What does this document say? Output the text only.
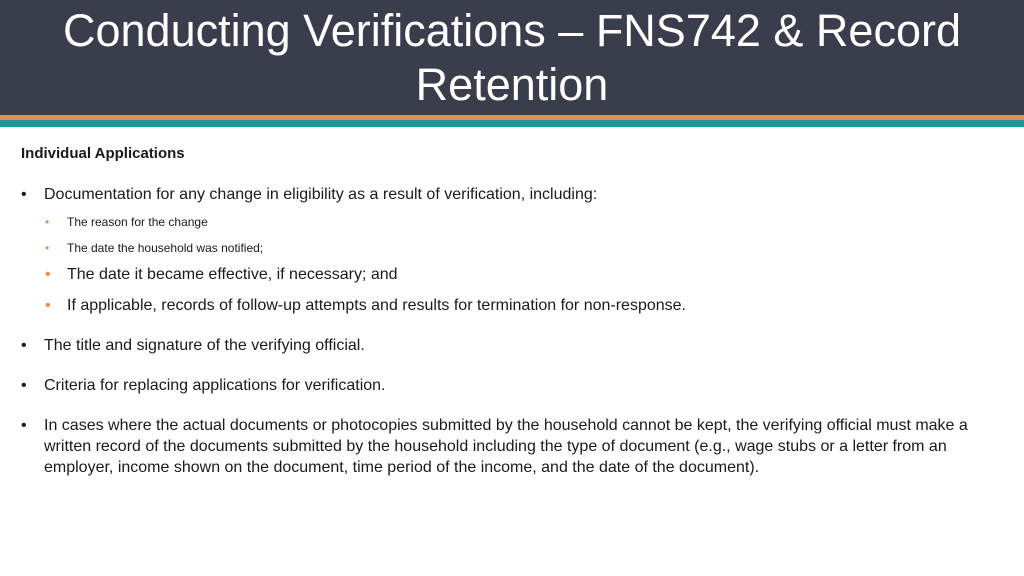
Conducting Verifications – FNS742 & Record Retention

Individual Applications

• Documentation for any change in eligibility as a result of verification, including:
• The reason for the change
• The date the household was notified;
• The date it became effective, if necessary; and
• If applicable, records of follow-up attempts and results for termination for non-response.
• The title and signature of the verifying official.
• Criteria for replacing applications for verification.
• In cases where the actual documents or photocopies submitted by the household cannot be kept, the verifying official must make a written record of the documents submitted by the household including the type of document (e.g., wage stubs or a letter from an employer, income shown on the document, time period of the income, and the date of the document).
